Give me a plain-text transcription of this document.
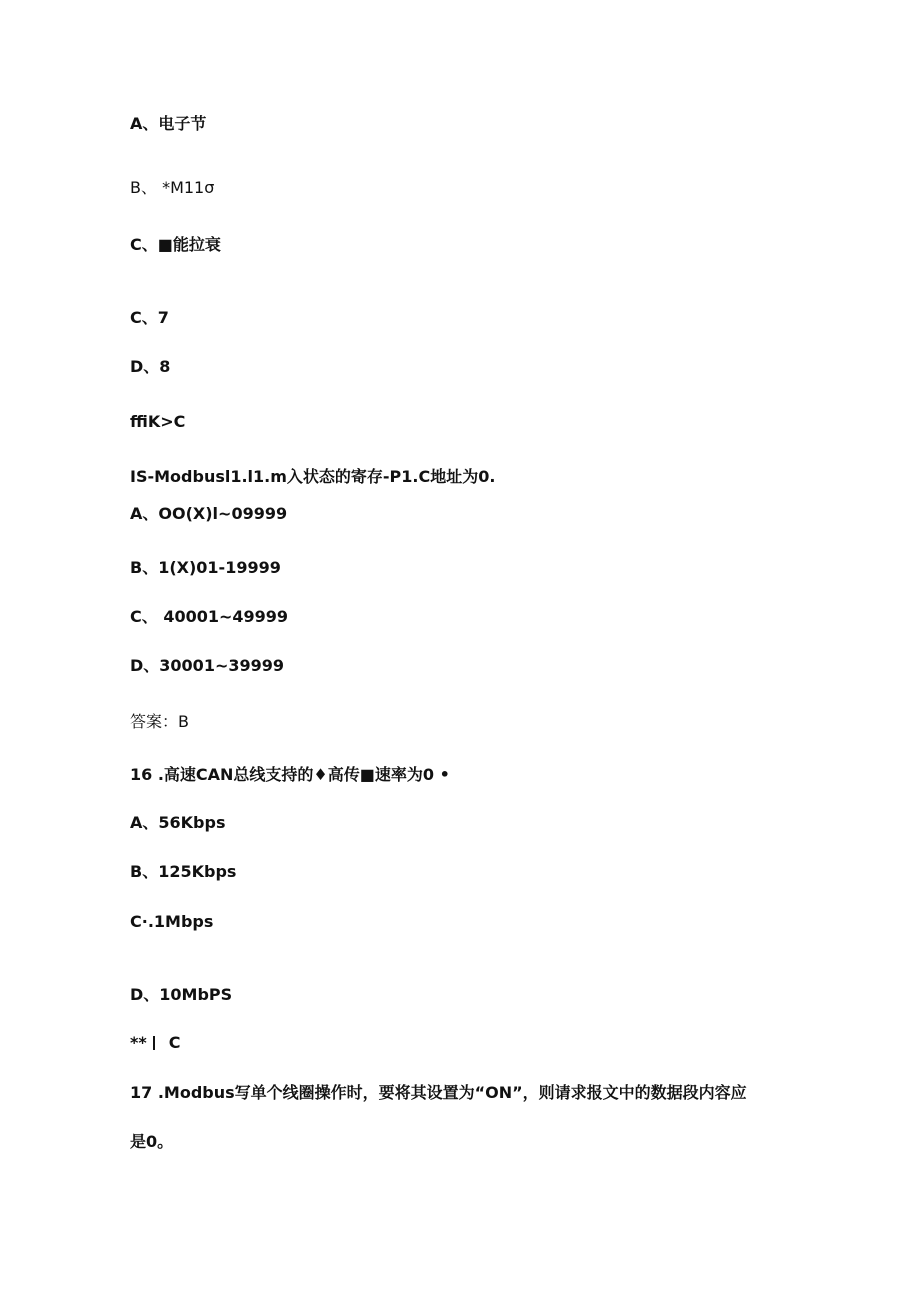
A、电子节
B、 *M11σ
C、■能拉衰
C、7
D、8
ffiK>C
IS-Modbusl1.l1.m入状态的寄存-P1.C地址为0.
A、OO(X)l~09999
B、1(X)01-19999
C、 40001~49999
D、30001~39999
答案：B
16 .高速CAN总线支持的♦高传■速率为0 •
A、56Kbps
B、125Kbps
C·.1Mbps
D、10MbPS
** C
17 .Modbus写单个线圈操作时，要将其设置为“ON”，则请求报文中的数据段内容应
是0。
